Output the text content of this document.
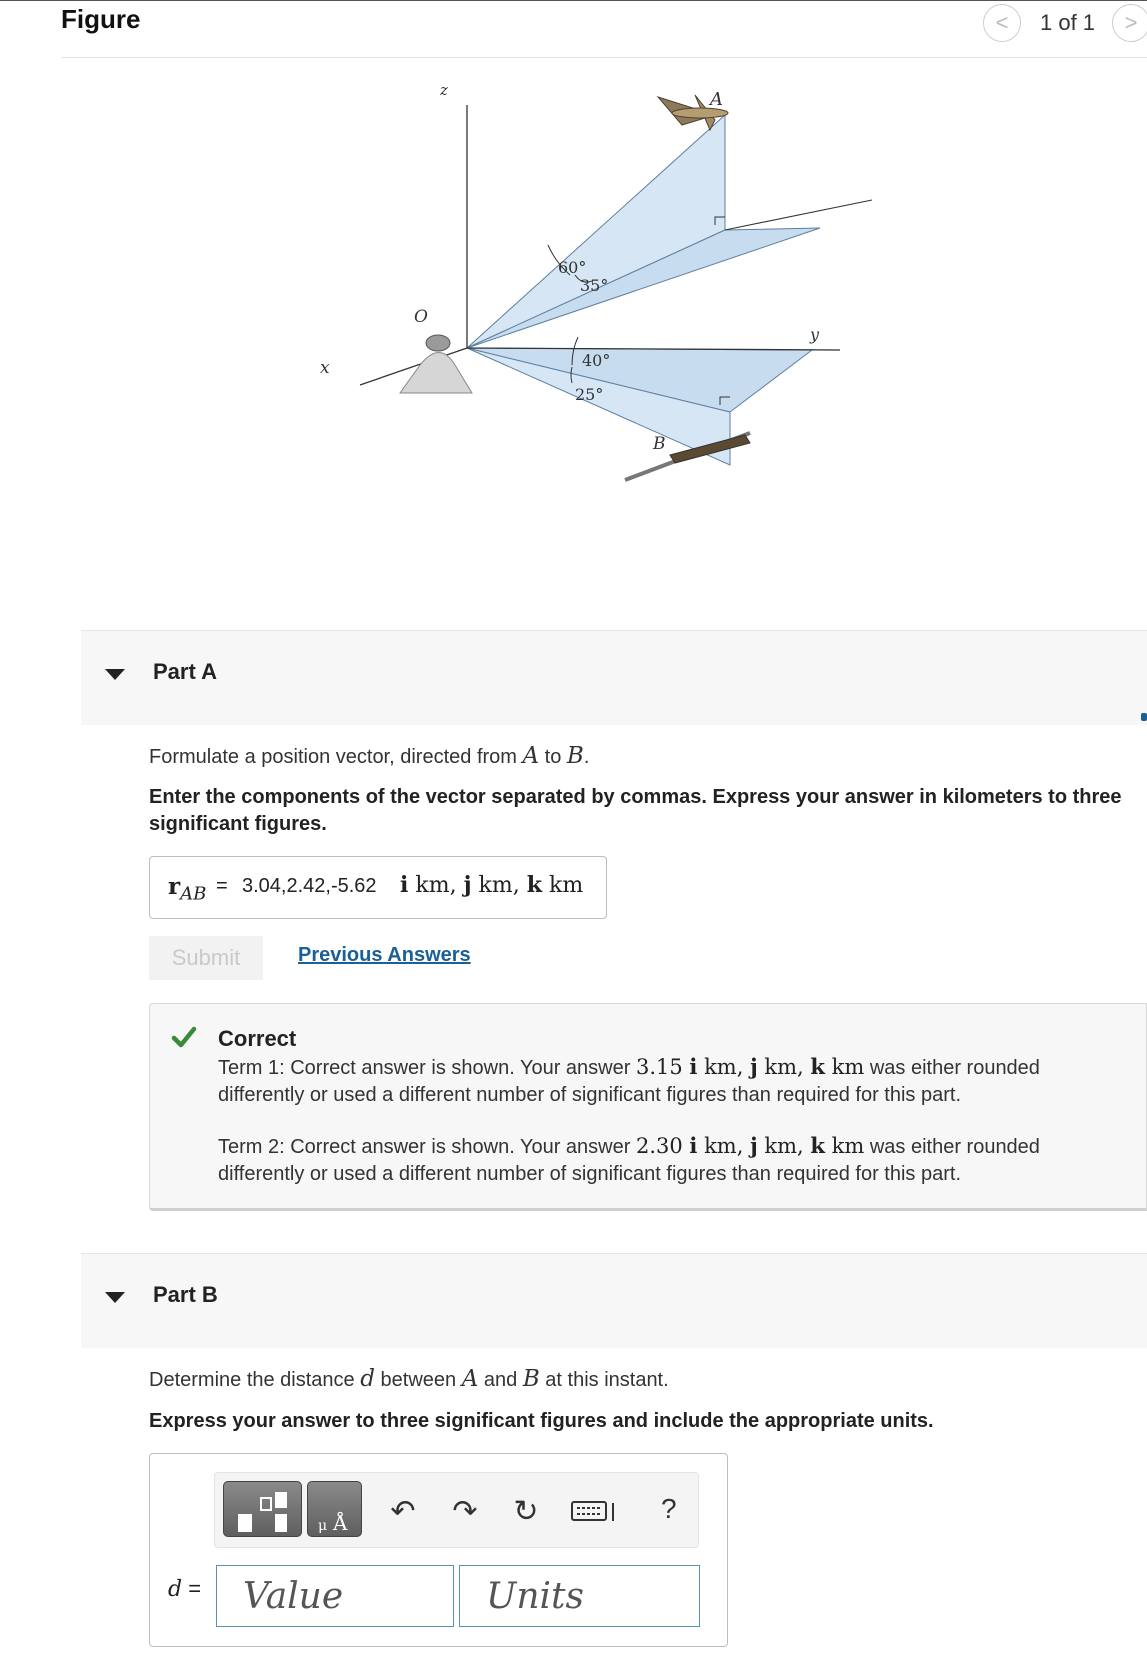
Figure	< 1 of 1 >
z
y
x
O
A
B
60°
35°
40°
25°
Part A
Formulate a position vector, directed from A to B.
Enter the components of the vector separated by commas. Express your answer in kilometers to three significant figures.
$r_{AB} = 3.04,2.42,-5.62$ i km, j km, k km
Submit	Previous Answers
Correct
Term 1: Correct answer is shown. Your answer 3.15 i km, j km, k km was either rounded differently or used a different number of significant figures than required for this part.
Term 2: Correct answer is shown. Your answer 2.30 i km, j km, k km was either rounded differently or used a different number of significant figures than required for this part.
Part B
Determine the distance d between A and B at this instant.
Express your answer to three significant figures and include the appropriate units.
μ Å ↶ ↷ ↻	?
d =
Value
Units
